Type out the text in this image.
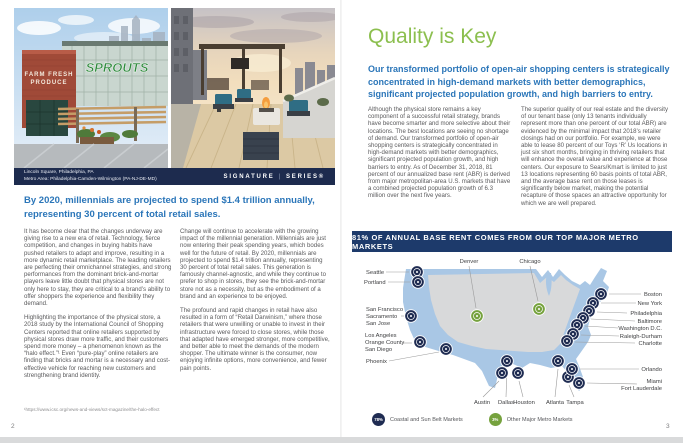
SPROUTS
FARM FRESH
PRODUCE
Lincoln Square, Philadelphia, PA
Metro Area: Philadelphia-Camden-Wilmington (PA-NJ-DE-MD)	SIGNATURE | SERIES®
By 2020, millennials are projected to spend $1.4 trillion annually, representing 30 percent of total retail sales.

It has become clear that the changes underway are giving rise to a new era of retail. Technology, fierce competition, and changes in buying habits have pushed retailers to adapt and improve, resulting in a more dynamic retail marketplace. The leading retailers are perfecting their omnichannel strategies, and strong performances from the dominant brick-and-mortar players leave little doubt that physical stores are not only here to stay, they are critical to a brand’s ability to offer shoppers the experience and flexibility they demand.

Highlighting the importance of the physical store, a 2018 study by the International Council of Shopping Centers reported that online retailers supported by physical stores draw more traffic, and their customers spend more money – a phenomenon known as the “halo effect.”¹ Even “pure-play” online retailers are finding that bricks and mortar is a necessary and cost-effective vehicle for reaching new customers and strengthening brand identity.

Change will continue to accelerate with the growing impact of the millennial generation. Millennials are just now entering their peak spending years, which bodes well for the future of retail. By 2020, millennials are projected to spend $1.4 trillion annually, representing 30 percent of total retail sales. This generation is famously channel-agnostic, and while they continue to prefer to shop in stores, they see the brick-and-mortar store not as a necessity, but as the embodiment of a brand and an experience to be enjoyed.

The profound and rapid changes in retail have also resulted in a form of “Retail Darwinism,” where those retailers that were unwilling or unable to invest in their infrastructure were forced to close stores, while those that adapted have emerged stronger, more competitive, and better able to meet the demands of the modern shopper. The ultimate winner is the consumer, now enjoying infinite options, more convenience, and fewer pain points.

¹https://www.icsc.org/news-and-views/sct-magazine/the-halo-effect
2
Quality is Key
Our transformed portfolio of open-air shopping centers is strategically concentrated in high-demand markets with better demographics, significant projected population growth, and high barriers to entry.

Although the physical store remains a key component of a successful retail strategy, brands have become smarter and more selective about their locations. The best locations are seeing no shortage of demand. Our transformed portfolio of open-air shopping centers is strategically concentrated in high-demand markets with better demographics, significant projected population growth, and high barriers to entry. As of December 31, 2018, 81 percent of our annualized base rent (ABR) is derived from major metropolitan-area U.S. markets that have a combined projected population growth of 6.3 million over the next five years.

The superior quality of our real estate and the diversity of our tenant base (only 13 tenants individually represent more than one percent of our total ABR) are evidenced by the minimal impact that 2018’s retailer closings had on our portfolio. For example, we were able to lease 80 percent of our Toys ‘R’ Us locations in just six short months, bringing in thriving retailers that will enhance the overall value and experience at those centers. Our exposure to Sears/Kmart is limited to just 13 locations representing 60 basis points of total ABR, and the average base rent on those leases is significantly below market, making the potential recapture of those spaces an attractive opportunity for which we are well prepared.

81% OF ANNUAL BASE RENT COMES FROM OUR TOP MAJOR METRO MARKETS
Seattle
Portland
San Francisco Sacramento San Jose
Los Angeles Orange County San Diego
Phoenix
Denver	Chicago
Austin Dallas Houston Atlanta Tampa
Boston
New York
Philadelphia
Baltimore
Washington D.C.
Raleigh-Durham
Charlotte
Orlando
Miami Fort Lauderdale
78%	Coastal and Sun Belt Markets	3%	Other Major Metro Markets
3
